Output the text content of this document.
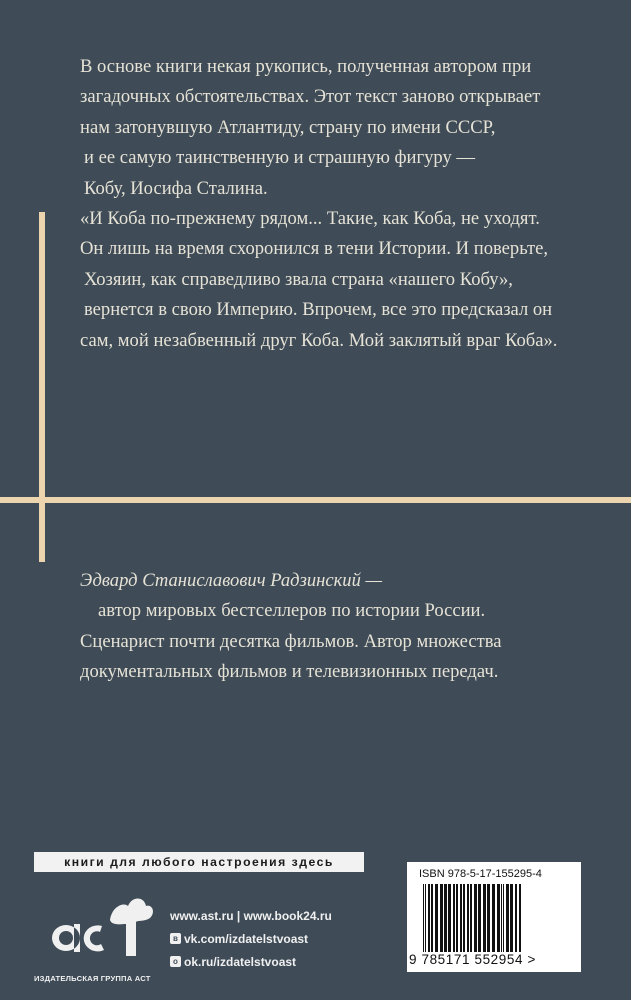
В основе книги некая рукопись, полученная автором при
загадочных обстоятельствах. Этот текст заново открывает
нам затонувшую Атлантиду, страну по имени СССР,
и ее самую таинственную и страшную фигуру —
Кобу, Иосифа Сталина.
«И Коба по-прежнему рядом... Такие, как Коба, не уходят.
Он лишь на время схоронился в тени Истории. И поверьте,
Хозяин, как справедливо звала страна «нашего Кобу»,
вернется в свою Империю. Впрочем, все это предсказал он
сам, мой незабвенный друг Коба. Мой заклятый враг Коба».
Эдвард Станиславович Радзинский —
автор мировых бестселлеров по истории России.
Сценарист почти десятка фильмов. Автор множества
документальных фильмов и телевизионных передач.
книги для любого настроения здесь
ИЗДАТЕЛЬСКАЯ ГРУППА АСТ
www.ast.ru | www.book24.ru
в vk.com/izdatelstvoast
о ok.ru/izdatelstvoast
ISBN 978-5-17-155295-4
9 785171 552954 >
